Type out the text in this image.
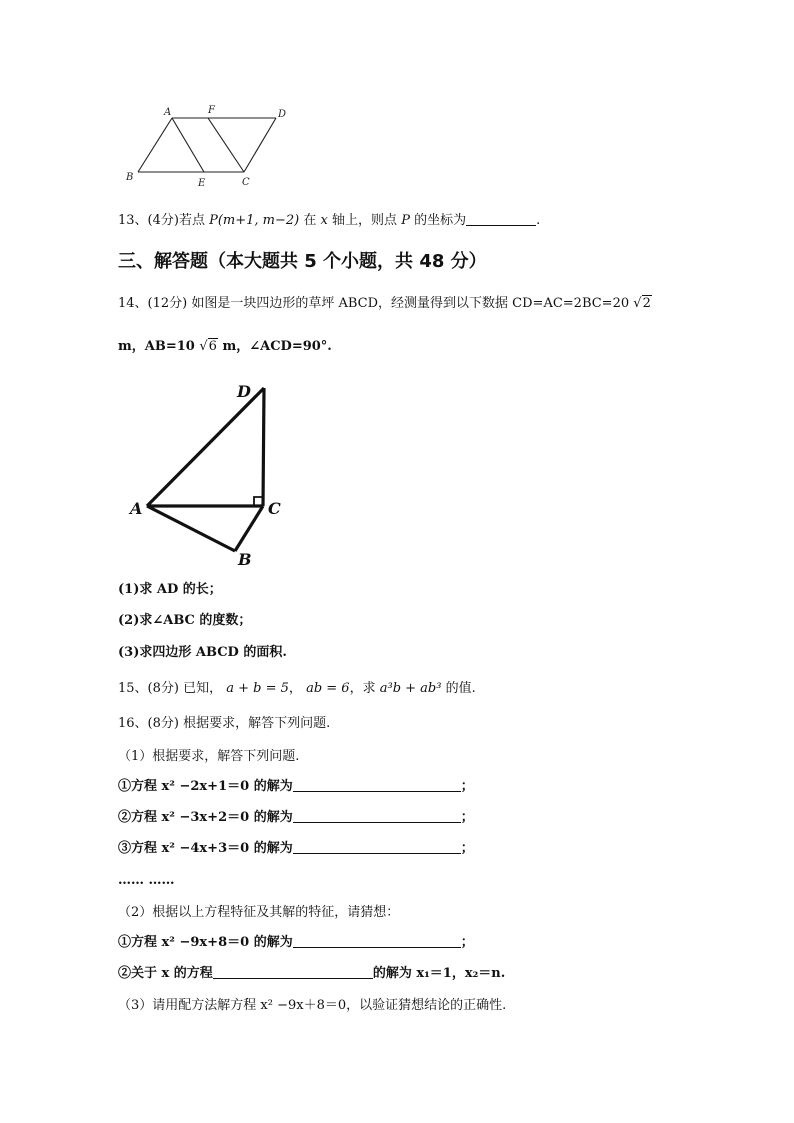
A	F	D
B
E	C
13、(4分)若点 P(m+1, m−2) 在 x 轴上，则点 P 的坐标为	.
三、解答题（本大题共 5 个小题，共 48 分）
14、(12分) 如图是一块四边形的草坪 ABCD，经测量得到以下数据 CD=AC=2BC=20 √2
m，AB=10 √6 m，∠ACD=90°.
D
A	C
B
(1)求 AD 的长；
(2)求∠ABC 的度数；
(3)求四边形 ABCD 的面积.
15、(8分) 已知， a + b = 5， ab = 6，求 a³b + ab³ 的值.
16、(8分) 根据要求，解答下列问题.
（1）根据要求，解答下列问题.
①方程 x² −2x+1＝0 的解为	；
②方程 x² −3x+2＝0 的解为	；
③方程 x² −4x+3＝0 的解为	；
…… ……
（2）根据以上方程特征及其解的特征，请猜想：
①方程 x² −9x+8＝0 的解为	；
②关于 x 的方程	的解为 x₁＝1，x₂＝n.
（3）请用配方法解方程 x² −9x＋8＝0，以验证猜想结论的正确性.
